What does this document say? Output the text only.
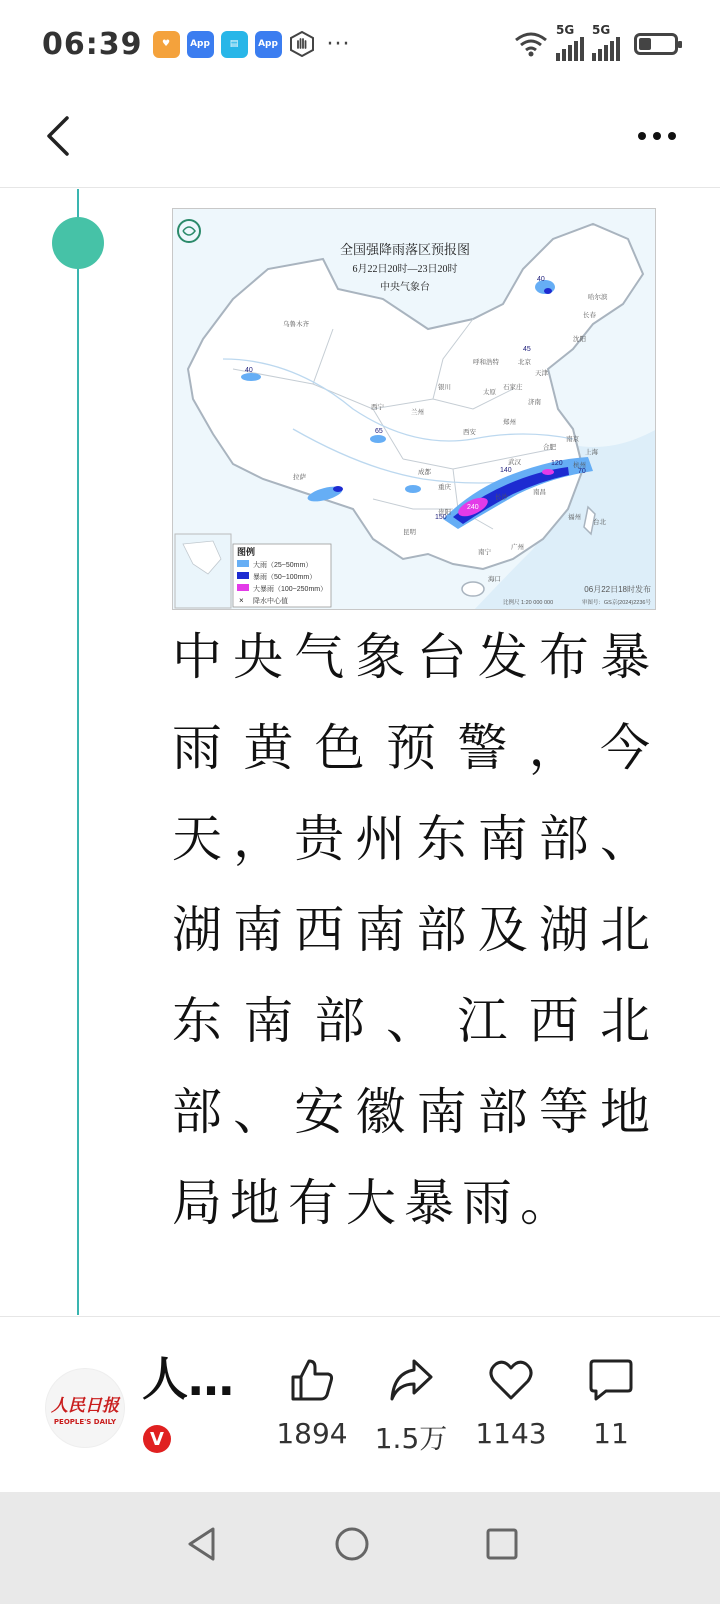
06:39	♥	App	▤	App ···
5G 5G
40
45
65
40
140
120
70
240
150
乌鲁木齐
哈尔滨
长春
沈阳
北京
天津
石家庄
太原
呼和浩特
银川
兰州
西宁
西安
郑州
济南
合肥
南京
上海
杭州
武汉
长沙
南昌
福州
台北
重庆
成都
贵阳
昆明
南宁
广州
海口
拉萨
全国强降雨落区预报图
6月22日20时—23日20时
中央气象台
图例
大雨（25~50mm）
暴雨（50~100mm）
大暴雨（100~250mm）
× 降水中心值
06月22日18时发布
比例尺 1:20 000 000	审图号：GS京(2024)2236号
中央气象台发布暴雨黄色预警，今天，贵州东南部、湖南西南部及湖北东南部、江西北部、安徽南部等地局地有大暴雨。
人民日报
PEOPLE'S DAILY
人…
V	1894 1.5万	1143	11
